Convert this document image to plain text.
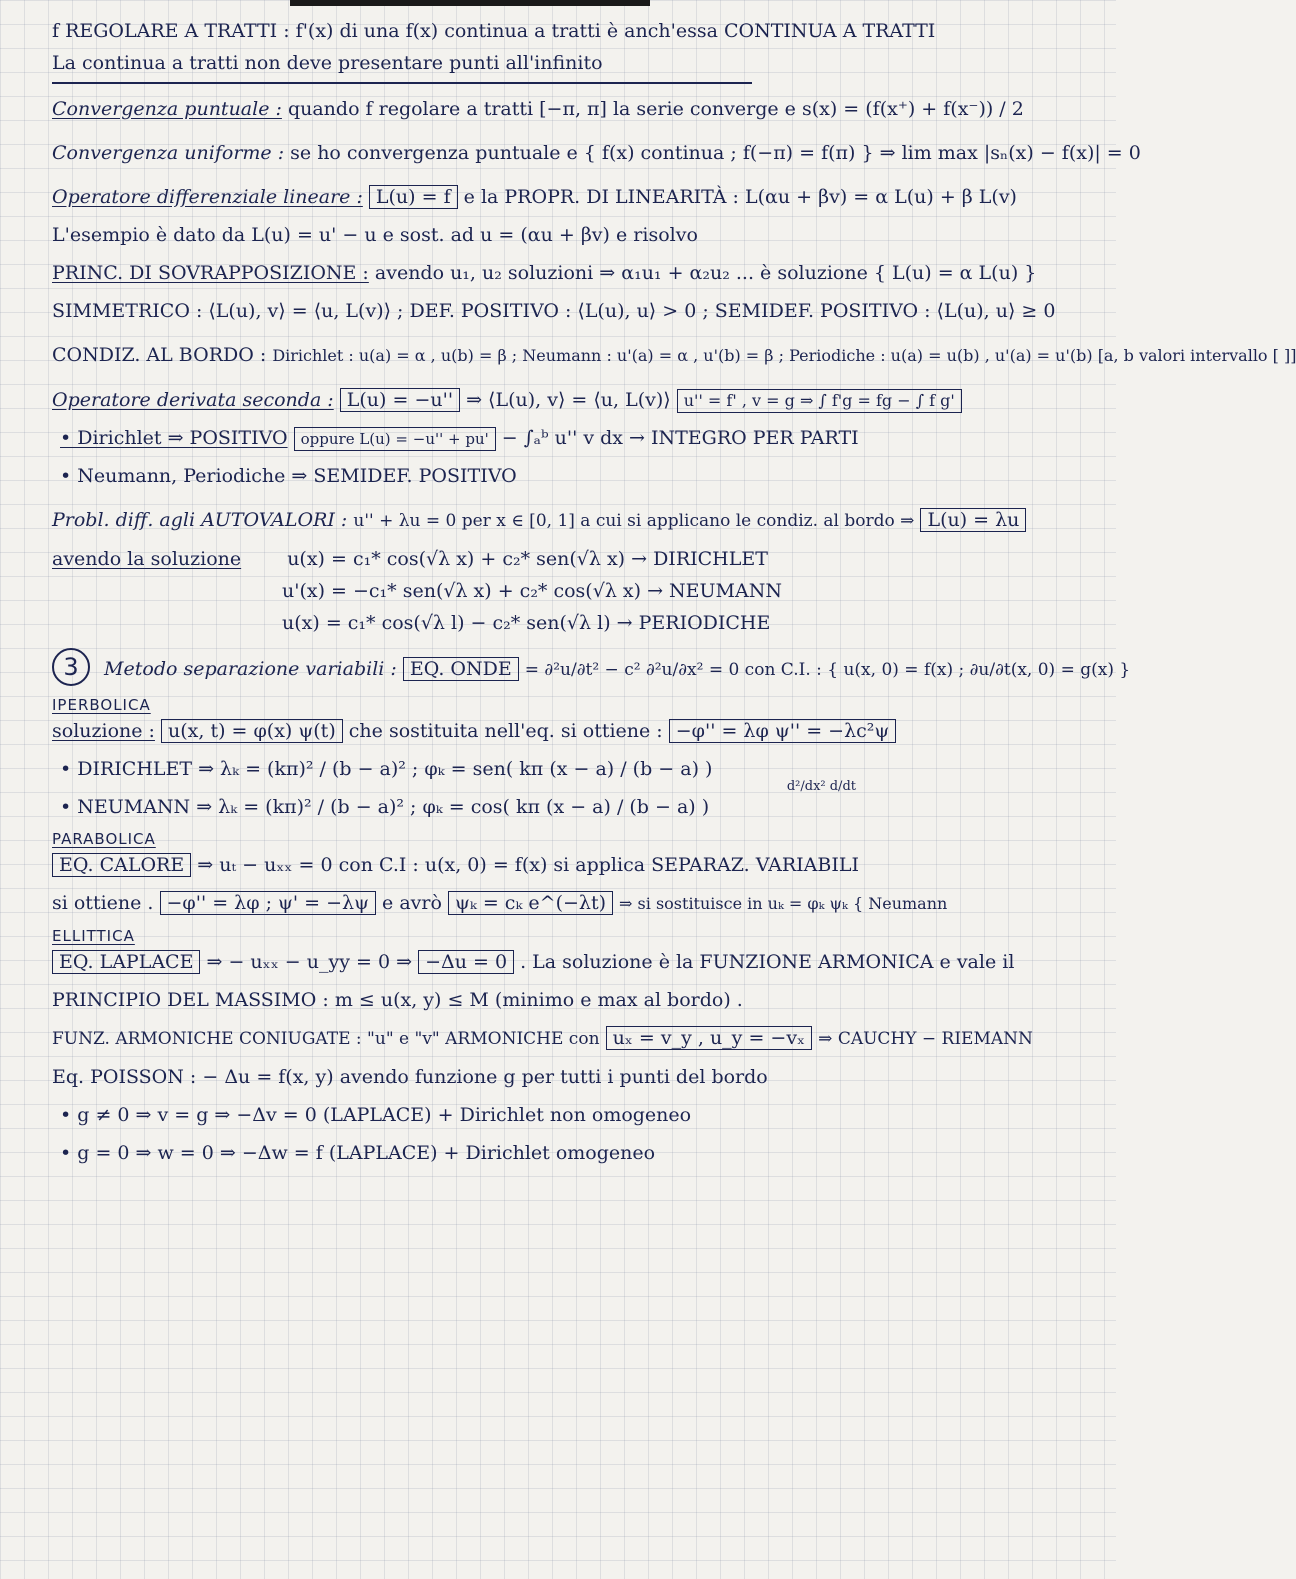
f REGOLARE A TRATTI : f'(x) di una f(x) continua a tratti è anch'essa CONTINUA A TRATTI

La continua a tratti non deve presentare punti all'infinito

Convergenza puntuale : quando f regolare a tratti [−π, π] la serie converge e s(x) = (f(x⁺) + f(x⁻)) / 2

Convergenza uniforme : se ho convergenza puntuale e { f(x) continua ; f(−π) = f(π) } ⇒ lim max |sₙ(x) − f(x)| = 0

Operatore differenziale lineare : L(u) = f e la PROPR. DI LINEARITÀ : L(αu + βv) = α L(u) + β L(v)

L'esempio è dato da L(u) = u' − u e sost. ad u = (αu + βv) e risolvo

PRINC. DI SOVRAPPOSIZIONE : avendo u₁, u₂ soluzioni ⇒ α₁u₁ + α₂u₂ ... è soluzione { L(u) = α L(u) }

SIMMETRICO : ⟨L(u), v⟩ = ⟨u, L(v)⟩ ; DEF. POSITIVO : ⟨L(u), u⟩ > 0 ; SEMIDEF. POSITIVO : ⟨L(u), u⟩ ≥ 0

CONDIZ. AL BORDO : Dirichlet : u(a) = α , u(b) = β ; Neumann : u'(a) = α , u'(b) = β ; Periodiche : u(a) = u(b) , u'(a) = u'(b) [a, b valori intervallo [ ]]

Operatore derivata seconda : L(u) = −u'' ⇒ ⟨L(u), v⟩ = ⟨u, L(v)⟩ u'' = f' , v = g ⇒ ∫ f'g = fg − ∫ f g'

• Dirichlet ⇒ POSITIVO oppure L(u) = −u'' + pu' − ∫ₐᵇ u'' v dx → INTEGRO PER PARTI

• Neumann, Periodiche ⇒ SEMIDEF. POSITIVO

Probl. diff. agli AUTOVALORI : u'' + λu = 0 per x ∈ [0, 1] a cui si applicano le condiz. al bordo ⇒ L(u) = λu

avendo la soluzione u(x) = c₁* cos(√λ x) + c₂* sen(√λ x) → DIRICHLET

u'(x) = −c₁* sen(√λ x) + c₂* cos(√λ x) → NEUMANN

u(x) = c₁* cos(√λ l) − c₂* sen(√λ l) → PERIODICHE

3 Metodo separazione variabili : EQ. ONDE = ∂²u/∂t² − c² ∂²u/∂x² = 0 con C.I. : { u(x, 0) = f(x) ; ∂u/∂t(x, 0) = g(x) }

IPERBOLICA

soluzione : u(x, t) = φ(x) ψ(t) che sostituita nell'eq. si ottiene : −φ'' = λφ ψ'' = −λc²ψ

• DIRICHLET ⇒ λₖ = (kπ)² / (b − a)² ; φₖ = sen( kπ (x − a) / (b − a) )

• NEUMANN ⇒ λₖ = (kπ)² / (b − a)² ; φₖ = cos( kπ (x − a) / (b − a) )
d²/dx² d/dt

PARABOLICA

EQ. CALORE ⇒ uₜ − uₓₓ = 0 con C.I : u(x, 0) = f(x) si applica SEPARAZ. VARIABILI

si ottiene . −φ'' = λφ ; ψ' = −λψ e avrò ψₖ = cₖ e^(−λt) ⇒ si sostituisce in uₖ = φₖ ψₖ { Neumann

ELLITTICA

EQ. LAPLACE ⇒ − uₓₓ − u_yy = 0 ⇒ −Δu = 0 . La soluzione è la FUNZIONE ARMONICA e vale il

PRINCIPIO DEL MASSIMO : m ≤ u(x, y) ≤ M (minimo e max al bordo) .

FUNZ. ARMONICHE CONIUGATE : "u" e "v" ARMONICHE con uₓ = v_y , u_y = −vₓ ⇒ CAUCHY − RIEMANN

Eq. POISSON : − Δu = f(x, y) avendo funzione g per tutti i punti del bordo

• g ≠ 0 ⇒ v = g ⇒ −Δv = 0 (LAPLACE) + Dirichlet non omogeneo

• g = 0 ⇒ w = 0 ⇒ −Δw = f (LAPLACE) + Dirichlet omogeneo
